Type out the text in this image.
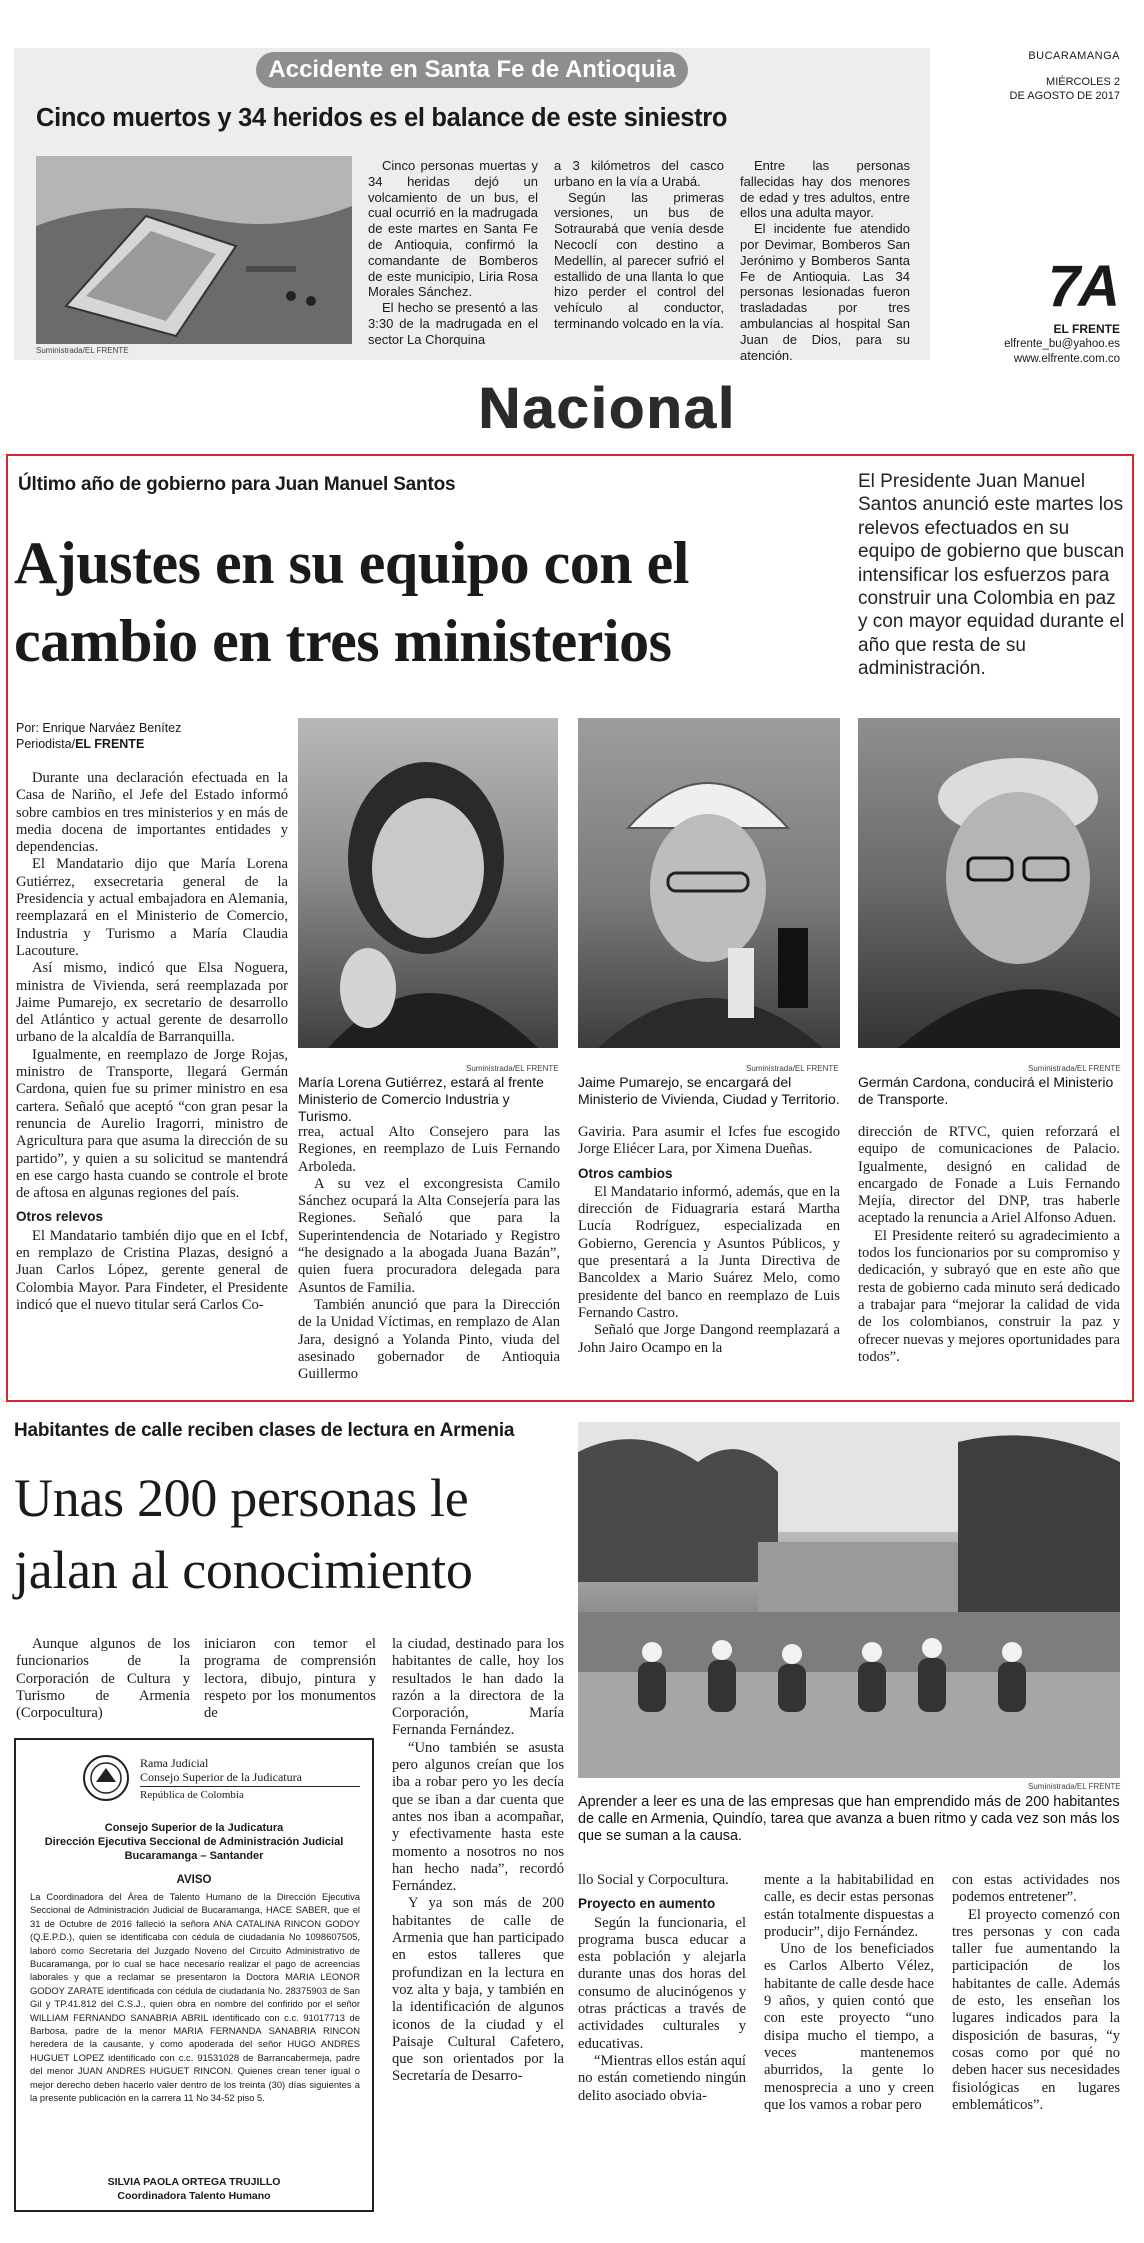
Accidente en Santa Fe de Antioquia
Cinco muertos y 34 heridos es el balance de este siniestro
Suministrada/EL FRENTE

Cinco personas muertas y 34 heridas dejó un volcamiento de un bus, el cual ocurrió en la madrugada de este martes en Santa Fe de Antioquia, confirmó la comandante de Bomberos de este municipio, Liria Rosa Morales Sánchez.

El hecho se presentó a las 3:30 de la madrugada en el sector La Chorquina

a 3 kilómetros del casco urbano en la vía a Urabá.

Según las primeras versiones, un bus de Sotraurabá que venía desde Necoclí con destino a Medellín, al parecer sufrió el estallido de una llanta lo que hizo perder el control del vehículo al conductor, terminando volcado en la vía.

Entre las personas fallecidas hay dos menores de edad y tres adultos, entre ellos una adulta mayor.

El incidente fue atendido por Devimar, Bomberos San Jerónimo y Bomberos Santa Fe de Antioquia. Las 34 personas lesionadas fueron trasladadas por tres ambulancias al hospital San Juan de Dios, para su atención.

BUCARAMANGA
MIÉRCOLES 2
DE AGOSTO DE 2017
7A
EL FRENTE
elfrente_bu@yahoo.es
www.elfrente.com.co
Nacional
Último año de gobierno para Juan Manuel Santos
Ajustes en su equipo con el cambio en tres ministerios
El Presidente Juan Manuel Santos anunció este martes los relevos efectuados en su equipo de gobierno que buscan intensificar los esfuerzos para construir una Colombia en paz y con mayor equidad durante el año que resta de su administración.
Por: Enrique Narváez Benítez
Periodista/EL FRENTE

Durante una declaración efectuada en la Casa de Nariño, el Jefe del Estado informó sobre cambios en tres ministerios y en más de media docena de importantes entidades y dependencias.

El Mandatario dijo que María Lorena Gutiérrez, exsecretaria general de la Presidencia y actual embajadora en Alemania, reemplazará en el Ministerio de Comercio, Industria y Turismo a María Claudia Lacouture.

Así mismo, indicó que Elsa Noguera, ministra de Vivienda, será reemplazada por Jaime Pumarejo, ex secretario de desarrollo del Atlántico y actual gerente de desarrollo urbano de la alcaldía de Barranquilla.

Igualmente, en reemplazo de Jorge Rojas, ministro de Transporte, llegará Germán Cardona, quien fue su primer ministro en esa cartera. Señaló que aceptó “con gran pesar la renuncia de Aurelio Iragorri, ministro de Agricultura para que asuma la dirección de su partido”, y quien a su solicitud se mantendrá en ese cargo hasta cuando se controle el brote de aftosa en algunas regiones del país.

Otros relevos

El Mandatario también dijo que en el Icbf, en remplazo de Cristina Plazas, designó a Juan Carlos López, gerente general de Colombia Mayor. Para Findeter, el Presidente indicó que el nuevo titular será Carlos Co-

Suministrada/EL FRENTE	Suministrada/EL FRENTE	Suministrada/EL FRENTE
María Lorena Gutiérrez, estará al frente Ministerio de Comercio Industria y Turismo.
Jaime Pumarejo, se encargará del Ministerio de Vivienda, Ciudad y Territorio.
Germán Cardona, conducirá el Ministerio de Transporte.

rrea, actual Alto Consejero para las Regiones, en reemplazo de Luis Fernando Arboleda.

A su vez el excongresista Camilo Sánchez ocupará la Alta Consejería para las Regiones. Señaló que para la Superintendencia de Notariado y Registro “he designado a la abogada Juana Bazán”, quien fuera procuradora delegada para Asuntos de Familia.

También anunció que para la Dirección de la Unidad Víctimas, en remplazo de Alan Jara, designó a Yolanda Pinto, viuda del asesinado gobernador de Antioquia Guillermo

Gaviria. Para asumir el Icfes fue escogido Jorge Eliécer Lara, por Ximena Dueñas.

Otros cambios

El Mandatario informó, además, que en la dirección de Fiduagraria estará Martha Lucía Rodríguez, especializada en Gobierno, Gerencia y Asuntos Públicos, y que presentará a la Junta Directiva de Bancoldex a Mario Suárez Melo, como presidente del banco en reemplazo de Luis Fernando Castro.

Señaló que Jorge Dangond reemplazará a John Jairo Ocampo en la

dirección de RTVC, quien reforzará el equipo de comunicaciones de Palacio. Igualmente, designó en calidad de encargado de Fonade a Luis Fernando Mejía, director del DNP, tras haberle aceptado la renuncia a Ariel Alfonso Aduen.

El Presidente reiteró su agradecimiento a todos los funcionarios por su compromiso y dedicación, y subrayó que en este año que resta de gobierno cada minuto será dedicado a trabajar para “mejorar la calidad de vida de los colombianos, construir la paz y ofrecer nuevas y mejores oportunidades para todos”.

Habitantes de calle reciben clases de lectura en Armenia
Unas 200 personas le jalan al conocimiento
Suministrada/EL FRENTE
Aprender a leer es una de las empresas que han emprendido más de 200 habitantes de calle en Armenia, Quindío, tarea que avanza a buen ritmo y cada vez son más los que se suman a la causa.

Aunque algunos de los funcionarios de la Corporación de Cultura y Turismo de Armenia (Corpocultura)

iniciaron con temor el programa de comprensión lectora, dibujo, pintura y respeto por los monumentos de

la ciudad, destinado para los habitantes de calle, hoy los resultados le han dado la razón a la directora de la Corporación, María Fernanda Fernández.

“Uno también se asusta pero algunos creían que los iba a robar pero yo les decía que se iban a dar cuenta que antes nos iban a acompañar, y efectivamente hasta este momento a nosotros no nos han hecho nada”, recordó Fernández.

Y ya son más de 200 habitantes de calle de Armenia que han participado en estos talleres que profundizan en la lectura en voz alta y baja, y también en la identificación de algunos iconos de la ciudad y el Paisaje Cultural Cafetero, que son orientados por la Secretaría de Desarro-

llo Social y Corpocultura.

Proyecto en aumento

Según la funcionaria, el programa busca educar a esta población y alejarla durante unas dos horas del consumo de alucinógenos y otras prácticas a través de actividades culturales y educativas.

“Mientras ellos están aquí no están cometiendo ningún delito asociado obvia-

mente a la habitabilidad en calle, es decir estas personas están totalmente dispuestas a producir”, dijo Fernández.

Uno de los beneficiados es Carlos Alberto Vélez, habitante de calle desde hace 9 años, y quien contó que con este proyecto “uno disipa mucho el tiempo, a veces mantenemos aburridos, la gente lo menosprecia a uno y creen que los vamos a robar pero

con estas actividades nos podemos entretener”.

El proyecto comenzó con tres personas y con cada taller fue aumentando la participación de los habitantes de calle. Además de esto, les enseñan los lugares indicados para la disposición de basuras, “y cosas como por qué no deben hacer sus necesidades fisiológicas en lugares emblemáticos”.

Rama Judicial
Consejo Superior de la Judicatura
República de Colombia
Consejo Superior de la Judicatura
Dirección Ejecutiva Seccional de Administración Judicial
Bucaramanga – Santander
AVISO
La Coordinadora del Área de Talento Humano de la Dirección Ejecutiva Seccional de Administración Judicial de Bucaramanga, HACE SABER, que el 31 de Octubre de 2016 falleció la señora ANA CATALINA RINCON GODOY (Q.E.P.D.), quien se identificaba con cédula de ciudadanía No 1098607505, laboró como Secretaria del Juzgado Noveno del Circuito Administrativo de Bucaramanga, por lo cual se hace necesario realizar el pago de acreencias laborales y que a reclamar se presentaron la Doctora MARIA LEONOR GODOY ZARATE identificada con cédula de ciudadanía No. 28375903 de San Gil y TP.41.812 del C.S.J., quien obra en nombre del confirido por el señor WILLIAM FERNANDO SANABRIA ABRIL identificado con c.c. 91017713 de Barbosa, padre de la menor MARIA FERNANDA SANABRIA RINCON heredera de la causante, y como apoderada del señor HUGO ANDRES HUGUET LOPEZ identificado con c.c. 91531028 de Barrancabermeja, padre del menor JUAN ANDRES HUGUET RINCON. Quienes crean tener igual o mejor derecho deben hacerlo valer dentro de los treinta (30) días siguientes a la presente publicación en la carrera 11 No 34-52 piso 5.
SILVIA PAOLA ORTEGA TRUJILLO
Coordinadora Talento Humano
